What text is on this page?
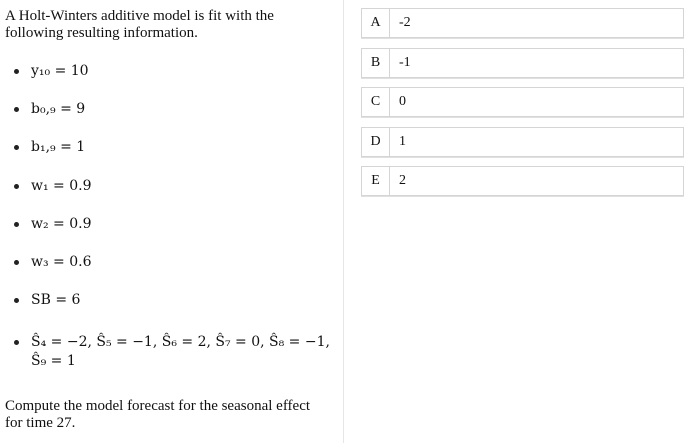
A Holt-Winters additive model is fit with the following resulting information.
y₁₀ = 10
b₀,₉ = 9
b₁,₉ = 1
w₁ = 0.9
w₂ = 0.9
w₃ = 0.6
SB = 6
Ŝ₄ = −2, Ŝ₅ = −1, Ŝ₆ = 2, Ŝ₇ = 0, Ŝ₈ = −1,
Ŝ₉ = 1
Compute the model forecast for the seasonal effect for time 27.
A	-2
B	-1
C	0
D	1
E	2
